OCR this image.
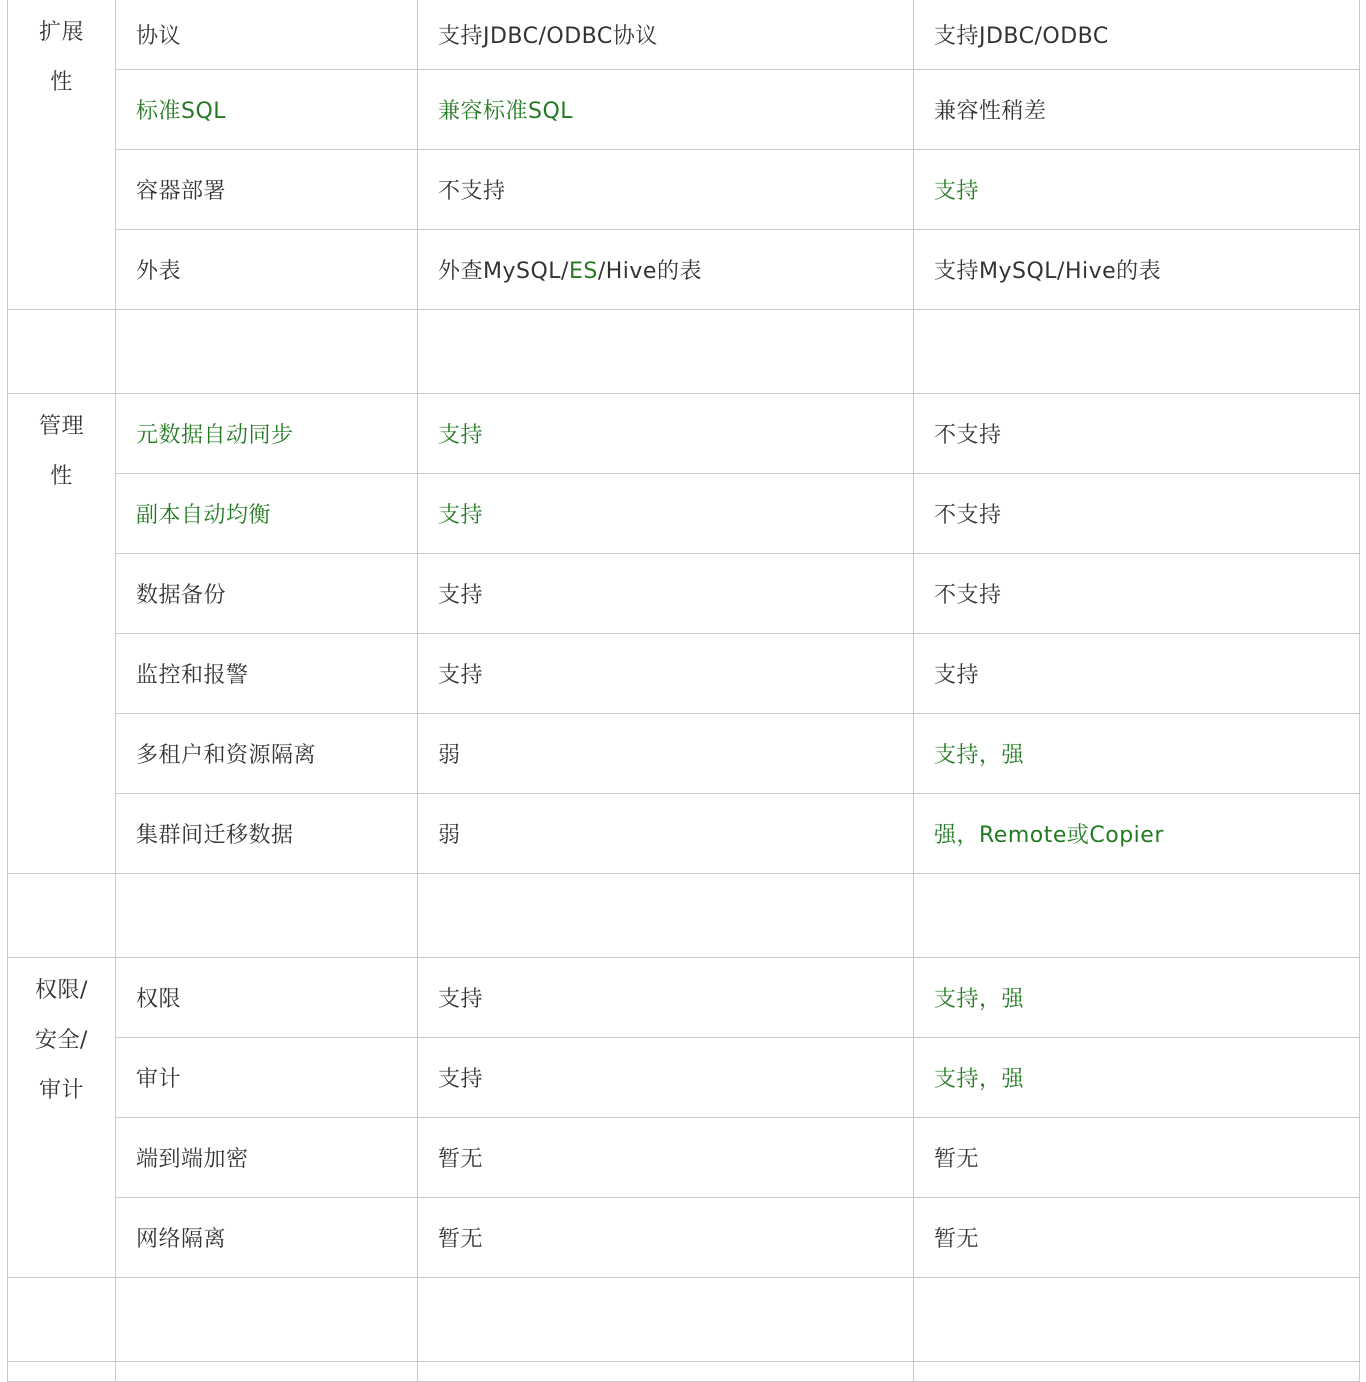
扩展
性	协议	支持JDBC/ODBC协议	支持JDBC/ODBC
	标准SQL	兼容标准SQL	兼容性稍差
	容器部署	不支持	支持
	外表	外查MySQL/ES/Hive的表	支持MySQL/Hive的表

管理
性	元数据自动同步	支持	不支持
	副本自动均衡	支持	不支持
	数据备份	支持	不支持
	监控和报警	支持	支持
	多租户和资源隔离	弱	支持，强
	集群间迁移数据	弱	强，Remote或Copier

权限/
安全/
审计	权限	支持	支持，强
	审计	支持	支持，强
	端到端加密	暂无	暂无
	网络隔离	暂无	暂无
